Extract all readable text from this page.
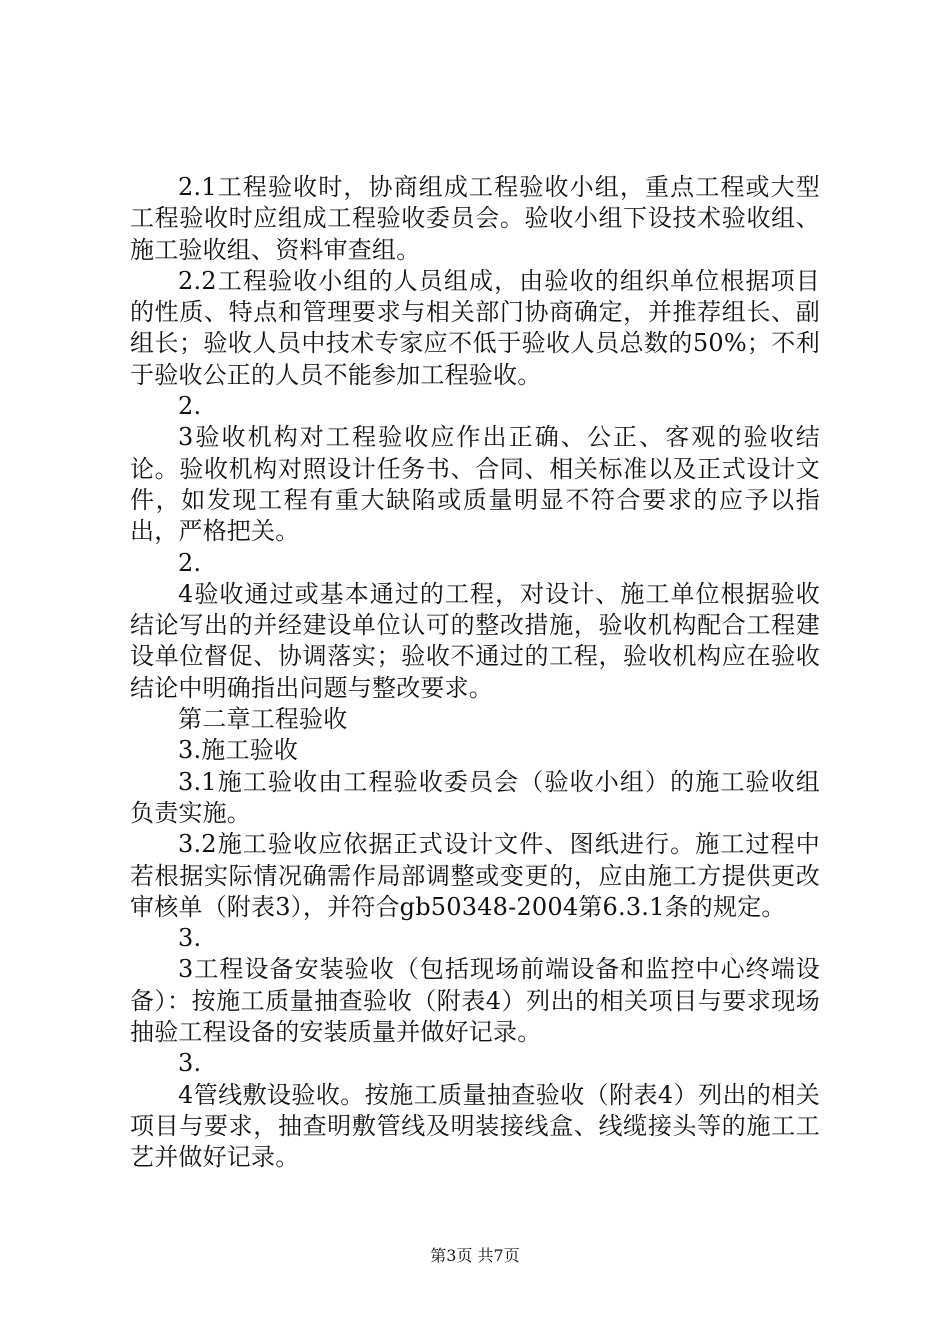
2.1工程验收时，协商组成工程验收小组，重点工程或大型工程验收时应组成工程验收委员会。验收小组下设技术验收组、施工验收组、资料审查组。

2.2工程验收小组的人员组成，由验收的组织单位根据项目的性质、特点和管理要求与相关部门协商确定，并推荐组长、副组长；验收人员中技术专家应不低于验收人员总数的50%；不利于验收公正的人员不能参加工程验收。

2.

3验收机构对工程验收应作出正确、公正、客观的验收结论。验收机构对照设计任务书、合同、相关标准以及正式设计文件，如发现工程有重大缺陷或质量明显不符合要求的应予以指出，严格把关。

2.

4验收通过或基本通过的工程，对设计、施工单位根据验收结论写出的并经建设单位认可的整改措施，验收机构配合工程建设单位督促、协调落实；验收不通过的工程，验收机构应在验收结论中明确指出问题与整改要求。

第二章工程验收

3.施工验收

3.1施工验收由工程验收委员会（验收小组）的施工验收组负责实施。

3.2施工验收应依据正式设计文件、图纸进行。施工过程中若根据实际情况确需作局部调整或变更的，应由施工方提供更改审核单（附表3），并符合gb50348-2004第6.3.1条的规定。

3.

3工程设备安装验收（包括现场前端设备和监控中心终端设备）：按施工质量抽查验收（附表4）列出的相关项目与要求现场抽验工程设备的安装质量并做好记录。

3.

4管线敷设验收。按施工质量抽查验收（附表4）列出的相关项目与要求，抽查明敷管线及明装接线盒、线缆接头等的施工工艺并做好记录。

第3页 共7页
